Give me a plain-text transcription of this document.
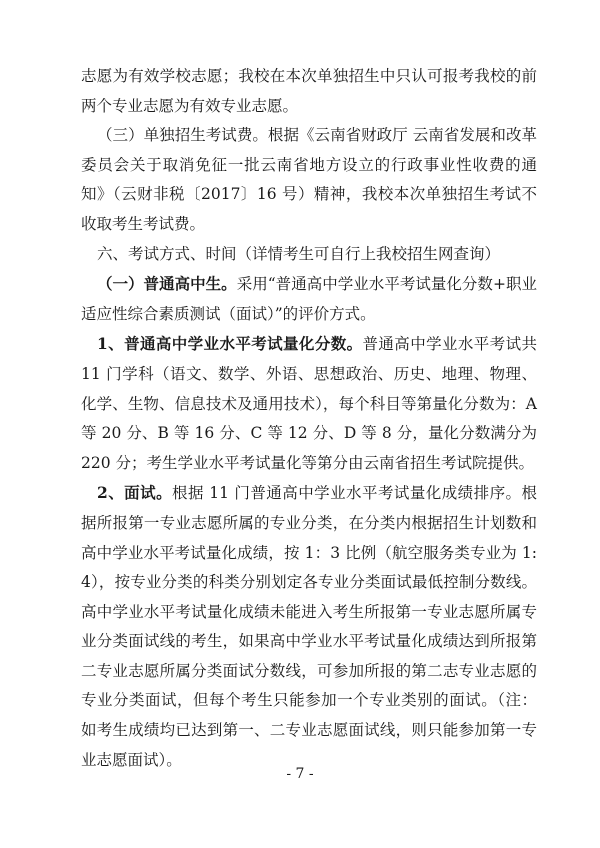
志愿为有效学校志愿；我校在本次单独招生中只认可报考我校的前两个专业志愿为有效专业志愿。

（三）单独招生考试费。根据《云南省财政厅 云南省发展和改革委员会关于取消免征一批云南省地方设立的行政事业性收费的通知》（云财非税〔2017〕16 号）精神，我校本次单独招生考试不收取考生考试费。

六、考试方式、时间（详情考生可自行上我校招生网查询）

（一）普通高中生。采用“普通高中学业水平考试量化分数+职业适应性综合素质测试（面试）”的评价方式。

1、普通高中学业水平考试量化分数。普通高中学业水平考试共 11 门学科（语文、数学、外语、思想政治、历史、地理、物理、化学、生物、信息技术及通用技术），每个科目等第量化分数为：A 等 20 分、B 等 16 分、C 等 12 分、D 等 8 分，量化分数满分为 220 分；考生学业水平考试量化等第分由云南省招生考试院提供。

2、面试。根据 11 门普通高中学业水平考试量化成绩排序。根据所报第一专业志愿所属的专业分类，在分类内根据招生计划数和高中学业水平考试量化成绩，按 1：3 比例（航空服务类专业为 1:4），按专业分类的科类分别划定各专业分类面试最低控制分数线。高中学业水平考试量化成绩未能进入考生所报第一专业志愿所属专业分类面试线的考生，如果高中学业水平考试量化成绩达到所报第二专业志愿所属分类面试分数线，可参加所报的第二志专业志愿的专业分类面试，但每个考生只能参加一个专业类别的面试。（注：如考生成绩均已达到第一、二专业志愿面试线，则只能参加第一专业志愿面试）。

- 7 -
